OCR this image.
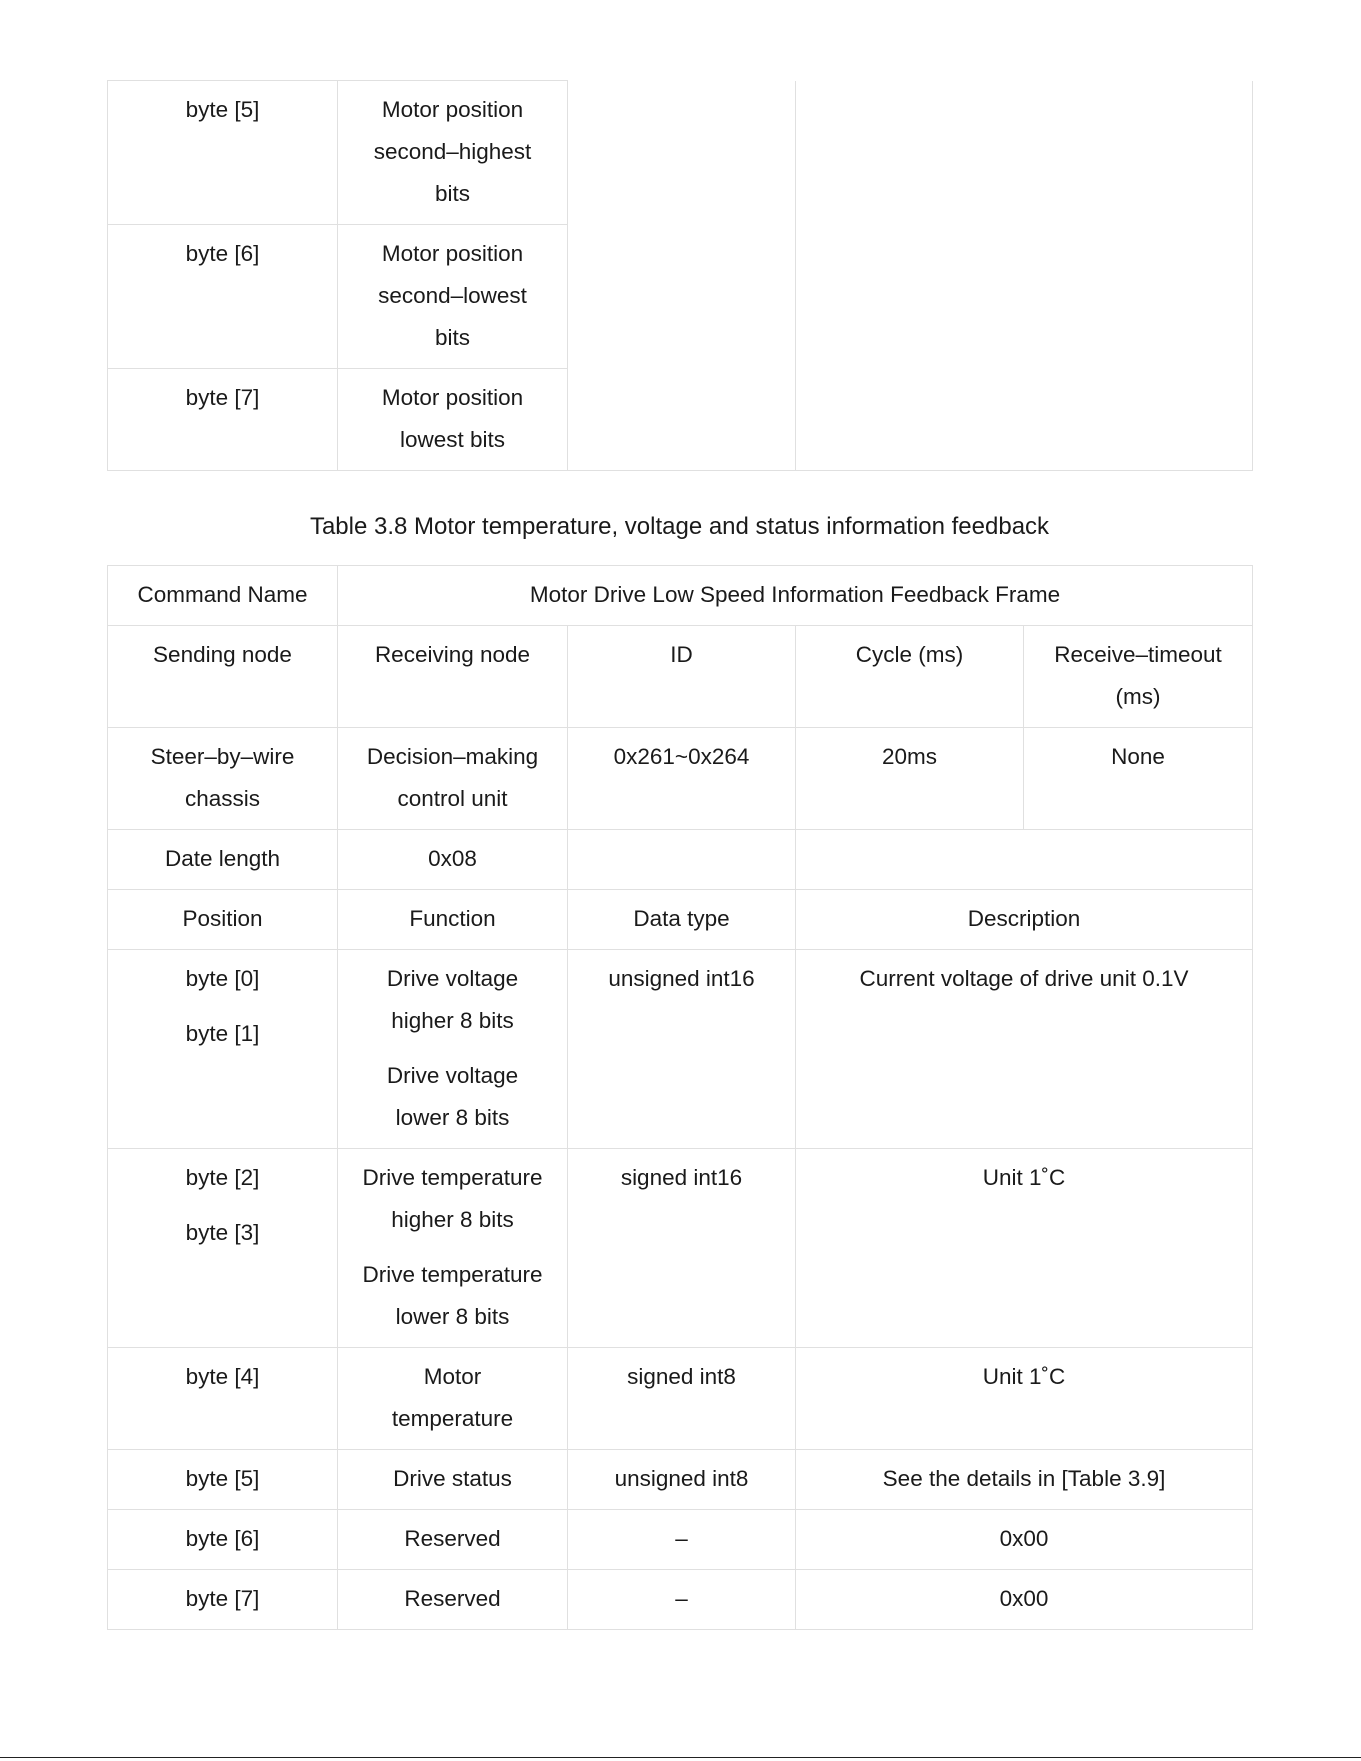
byte [5]	Motor position
second–highest
bits		

byte [6]	Motor position
second–lowest
bits		

byte [7]	Motor position
lowest bits		
Table 3.8 Motor temperature, voltage and status information feedback
Command Name	Motor Drive Low Speed Information Feedback Frame			
Sending node	Receiving node	ID	Cycle (ms)	Receive–timeout
(ms)

Steer–by–wire
chassis	Decision–making
control unit	0x261~0x264	20ms	None
Date length	0x08			
Position	Function	Data type	Description	

byte [0]
byte [1]	Drive voltage
higher 8 bits
Drive voltage
lower 8 bits	unsigned int16	Current voltage of drive unit 0.1V	

byte [2]
byte [3]	Drive temperature
higher 8 bits
Drive temperature
lower 8 bits	signed int16	Unit 1˚C	
byte [4]	Motor
temperature	signed int8	Unit 1˚C	
byte [5]	Drive status	unsigned int8	See the details in [Table 3.9]	
byte [6]	Reserved	–	0x00	
byte [7]	Reserved	–	0x00	
